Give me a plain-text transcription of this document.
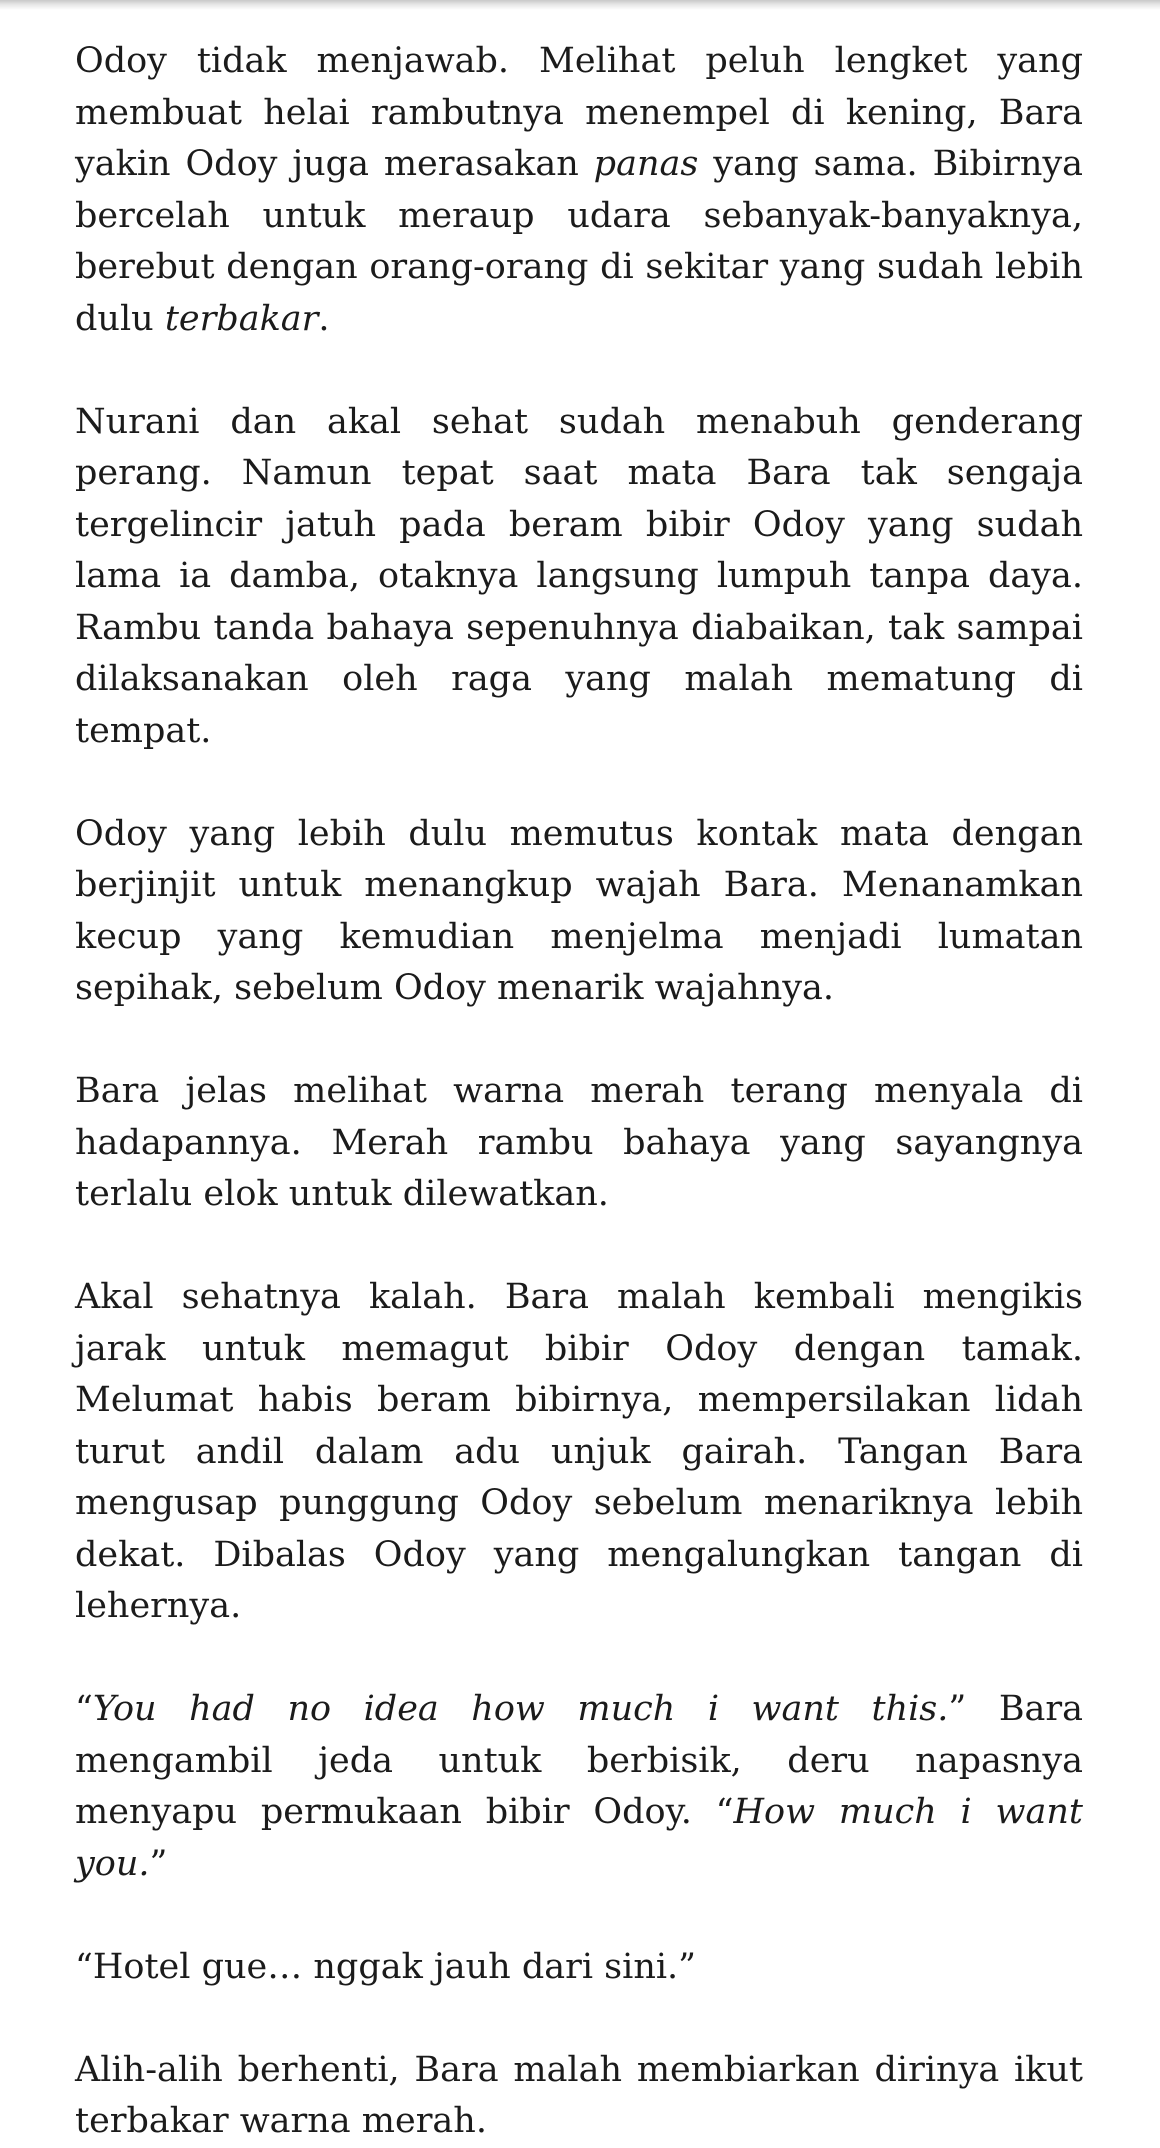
Odoy tidak menjawab. Melihat peluh lengket yang membuat helai rambutnya menempel di kening, Bara yakin Odoy juga merasakan panas yang sama. Bibirnya bercelah untuk meraup udara sebanyak-banyaknya, berebut dengan orang-orang di sekitar yang sudah lebih dulu terbakar.

Nurani dan akal sehat sudah menabuh genderang perang. Namun tepat saat mata Bara tak sengaja tergelincir jatuh pada beram bibir Odoy yang sudah lama ia damba, otaknya langsung lumpuh tanpa daya. Rambu tanda bahaya sepenuhnya diabaikan, tak sampai dilaksanakan oleh raga yang malah mematung di tempat.

Odoy yang lebih dulu memutus kontak mata dengan berjinjit untuk menangkup wajah Bara. Menanamkan kecup yang kemudian menjelma menjadi lumatan sepihak, sebelum Odoy menarik wajahnya.

Bara jelas melihat warna merah terang menyala di hadapannya. Merah rambu bahaya yang sayangnya terlalu elok untuk dilewatkan.

Akal sehatnya kalah. Bara malah kembali mengikis jarak untuk memagut bibir Odoy dengan tamak. Melumat habis beram bibirnya, mempersilakan lidah turut andil dalam adu unjuk gairah. Tangan Bara mengusap punggung Odoy sebelum menariknya lebih dekat. Dibalas Odoy yang mengalungkan tangan di lehernya.

“You had no idea how much i want this.” Bara mengambil jeda untuk berbisik, deru napasnya menyapu permukaan bibir Odoy. “How much i want you.”

“Hotel gue… nggak jauh dari sini.”

Alih-alih berhenti, Bara malah membiarkan dirinya ikut terbakar warna merah.
